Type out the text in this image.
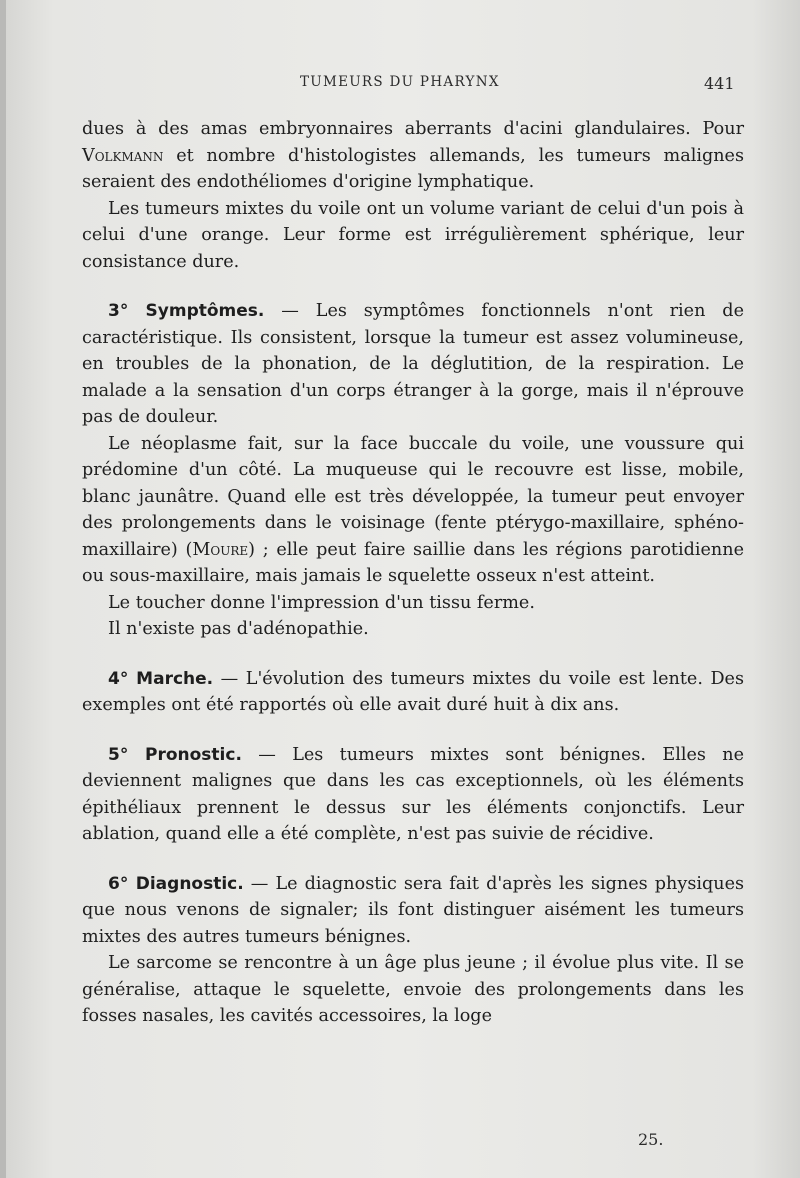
TUMEURS DU PHARYNX	441

dues à des amas embryonnaires aberrants d'acini glandulaires. Pour Volkmann et nombre d'histologistes allemands, les tumeurs malignes seraient des endothéliomes d'origine lymphatique.

Les tumeurs mixtes du voile ont un volume variant de celui d'un pois à celui d'une orange. Leur forme est irrégulièrement sphérique, leur consistance dure.

3° Symptômes. — Les symptômes fonctionnels n'ont rien de caractéristique. Ils consistent, lorsque la tumeur est assez volumineuse, en troubles de la phonation, de la déglutition, de la respiration. Le malade a la sensation d'un corps étranger à la gorge, mais il n'éprouve pas de douleur.

Le néoplasme fait, sur la face buccale du voile, une voussure qui prédomine d'un côté. La muqueuse qui le recouvre est lisse, mobile, blanc jaunâtre. Quand elle est très développée, la tumeur peut envoyer des prolongements dans le voisinage (fente ptérygo-maxillaire, sphéno-maxillaire) (Moure) ; elle peut faire saillie dans les régions parotidienne ou sous-maxillaire, mais jamais le squelette osseux n'est atteint.

Le toucher donne l'impression d'un tissu ferme.

Il n'existe pas d'adénopathie.

4° Marche. — L'évolution des tumeurs mixtes du voile est lente. Des exemples ont été rapportés où elle avait duré huit à dix ans.

5° Pronostic. — Les tumeurs mixtes sont bénignes. Elles ne deviennent malignes que dans les cas exceptionnels, où les éléments épithéliaux prennent le dessus sur les éléments conjonctifs. Leur ablation, quand elle a été complète, n'est pas suivie de récidive.

6° Diagnostic. — Le diagnostic sera fait d'après les signes physiques que nous venons de signaler; ils font distinguer aisément les tumeurs mixtes des autres tumeurs bénignes.

Le sarcome se rencontre à un âge plus jeune ; il évolue plus vite. Il se généralise, attaque le squelette, envoie des prolongements dans les fosses nasales, les cavités accessoires, la loge

25.
